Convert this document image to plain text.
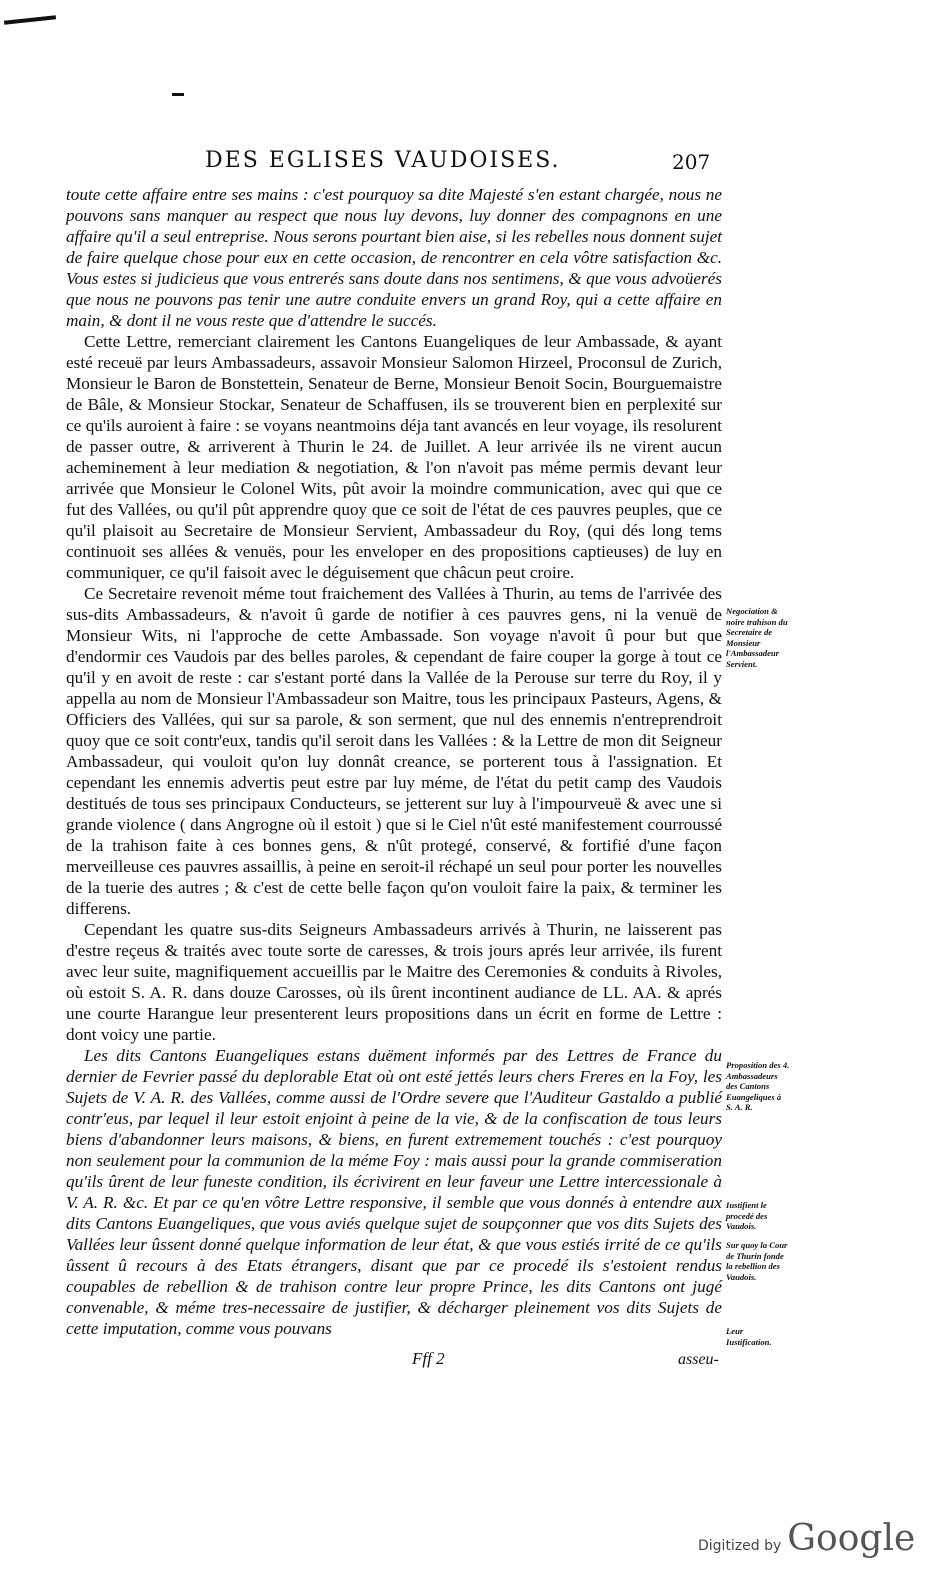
DES EGLISES VAUDOISES.	207

toute cette affaire entre ses mains : c'est pourquoy sa dite Majesté s'en estant chargée, nous ne pouvons sans manquer au respect que nous luy devons, luy donner des compagnons en une affaire qu'il a seul entreprise. Nous serons pourtant bien aise, si les rebelles nous donnent sujet de faire quelque chose pour eux en cette occasion, de rencontrer en cela vôtre satisfaction &c. Vous estes si judicieus que vous entrerés sans doute dans nos sentimens, & que vous advoüerés que nous ne pouvons pas tenir une autre conduite envers un grand Roy, qui a cette affaire en main, & dont il ne vous reste que d'attendre le succés.

Cette Lettre, remerciant clairement les Cantons Euangeliques de leur Ambassade, & ayant esté receuë par leurs Ambassadeurs, assavoir Monsieur Salomon Hirzeel, Proconsul de Zurich, Monsieur le Baron de Bonstettein, Senateur de Berne, Monsieur Benoit Socin, Bourguemaistre de Bâle, & Monsieur Stockar, Senateur de Schaffusen, ils se trouverent bien en perplexité sur ce qu'ils auroient à faire : se voyans neantmoins déja tant avancés en leur voyage, ils resolurent de passer outre, & arriverent à Thurin le 24. de Juillet. A leur arrivée ils ne virent aucun acheminement à leur mediation & negotiation, & l'on n'avoit pas méme permis devant leur arrivée que Monsieur le Colonel Wits, pût avoir la moindre communication, avec qui que ce fut des Vallées, ou qu'il pût apprendre quoy que ce soit de l'état de ces pauvres peuples, que ce qu'il plaisoit au Secretaire de Monsieur Servient, Ambassadeur du Roy, (qui dés long tems continuoit ses allées & venuës, pour les enveloper en des propositions captieuses) de luy en communiquer, ce qu'il faisoit avec le déguisement que châcun peut croire.

Ce Secretaire revenoit méme tout fraichement des Vallées à Thurin, au tems de l'arrivée des sus-dits Ambassadeurs, & n'avoit û garde de notifier à ces pauvres gens, ni la venuë de Monsieur Wits, ni l'approche de cette Ambassade. Son voyage n'avoit û pour but que d'endormir ces Vaudois par des belles paroles, & cependant de faire couper la gorge à tout ce qu'il y en avoit de reste : car s'estant porté dans la Vallée de la Perouse sur terre du Roy, il y appella au nom de Monsieur l'Ambassadeur son Maitre, tous les principaux Pasteurs, Agens, & Officiers des Vallées, qui sur sa parole, & son serment, que nul des ennemis n'entreprendroit quoy que ce soit contr'eux, tandis qu'il seroit dans les Vallées : & la Lettre de mon dit Seigneur Ambassadeur, qui vouloit qu'on luy donnât creance, se porterent tous à l'assignation. Et cependant les ennemis advertis peut estre par luy méme, de l'état du petit camp des Vaudois destitués de tous ses principaux Conducteurs, se jetterent sur luy à l'impourveuë & avec une si grande violence ( dans Angrogne où il estoit ) que si le Ciel n'ût esté manifestement courroussé de la trahison faite à ces bonnes gens, & n'ût protegé, conservé, & fortifié d'une façon merveilleuse ces pauvres assaillis, à peine en seroit-il réchapé un seul pour porter les nouvelles de la tuerie des autres ; & c'est de cette belle façon qu'on vouloit faire la paix, & terminer les differens.

Cependant les quatre sus-dits Seigneurs Ambassadeurs arrivés à Thurin, ne laisserent pas d'estre reçeus & traités avec toute sorte de caresses, & trois jours aprés leur arrivée, ils furent avec leur suite, magnifiquement accueillis par le Maitre des Ceremonies & conduits à Rivoles, où estoit S. A. R. dans douze Carosses, où ils ûrent incontinent audiance de LL. AA. & aprés une courte Harangue leur presenterent leurs propositions dans un écrit en forme de Lettre : dont voicy une partie.

Les dits Cantons Euangeliques estans duëment informés par des Lettres de France du dernier de Fevrier passé du deplorable Etat où ont esté jettés leurs chers Freres en la Foy, les Sujets de V. A. R. des Vallées, comme aussi de l'Ordre severe que l'Auditeur Gastaldo a publié contr'eus, par lequel il leur estoit enjoint à peine de la vie, & de la confiscation de tous leurs biens d'abandonner leurs maisons, & biens, en furent extremement touchés : c'est pourquoy non seulement pour la communion de la méme Foy : mais aussi pour la grande commiseration qu'ils ûrent de leur funeste condition, ils écrivirent en leur faveur une Lettre intercessionale à V. A. R. &c. Et par ce qu'en vôtre Lettre responsive, il semble que vous donnés à entendre aux dits Cantons Euangeliques, que vous aviés quelque sujet de soupçonner que vos dits Sujets des Vallées leur ûssent donné quelque information de leur état, & que vous estiés irrité de ce qu'ils ûssent û recours à des Etats étrangers, disant que par ce procedé ils s'estoient rendus coupables de rebellion & de trahison contre leur propre Prince, les dits Cantons ont jugé convenable, & méme tres-necessaire de justifier, & décharger pleinement vos dits Sujets de cette imputation, comme vous pouvans

Negociation & noire trahison du Secretaire de Monsieur l'Ambassadeur Servient.
Proposition des 4. Ambassadeurs des Cantons Euangeliques à S. A. R.
Iustifient le procedé des Vaudois.
Sur quoy la Cour de Thurin fonde la rebellion des Vaudois.
Leur Iustification.
Fff 2	asseu-
Digitized by Google
